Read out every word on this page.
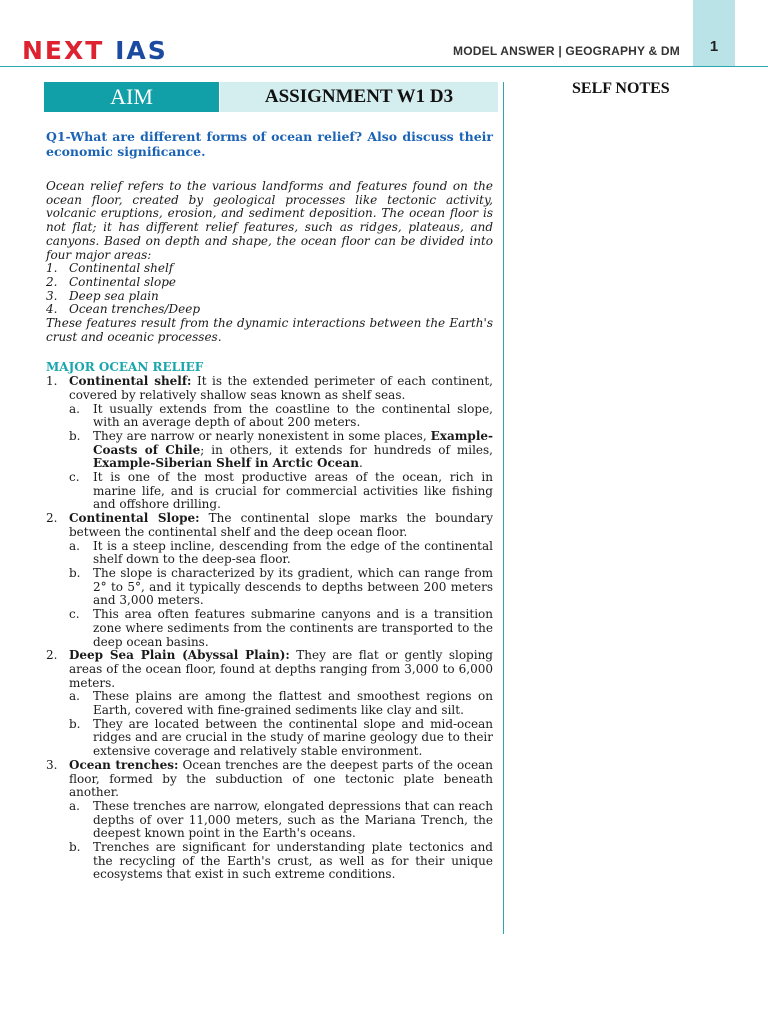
NEXT IAS	MODEL ANSWER | GEOGRAPHY & DM	1
AIM	ASSIGNMENT W1 D3	SELF NOTES

Q1-What are different forms of ocean relief? Also discuss their economic significance.

Ocean relief refers to the various landforms and features found on the ocean floor, created by geological processes like tectonic activity, volcanic eruptions, erosion, and sediment deposition. The ocean floor is not flat; it has different relief features, such as ridges, plateaus, and canyons. Based on depth and shape, the ocean floor can be divided into four major areas:

1. Continental shelf
2. Continental slope
3. Deep sea plain
4. Ocean trenches/Deep

These features result from the dynamic interactions between the Earth's crust and oceanic processes.

MAJOR OCEAN RELIEF

1. Continental shelf: It is the extended perimeter of each continent, covered by relatively shallow seas known as shelf seas.
a.	It usually extends from the coastline to the continental slope, with an average depth of about 200 meters.
b.	They are narrow or nearly nonexistent in some places, Example-Coasts of Chile; in others, it extends for hundreds of miles, Example-Siberian Shelf in Arctic Ocean.
c.	It is one of the most productive areas of the ocean, rich in marine life, and is crucial for commercial activities like fishing and offshore drilling.
2. Continental Slope: The continental slope marks the boundary between the continental shelf and the deep ocean floor.
a.	It is a steep incline, descending from the edge of the continental shelf down to the deep-sea floor.
b.	The slope is characterized by its gradient, which can range from 2° to 5°, and it typically descends to depths between 200 meters and 3,000 meters.
c.	This area often features submarine canyons and is a transition zone where sediments from the continents are transported to the deep ocean basins.
2. Deep Sea Plain (Abyssal Plain): They are flat or gently sloping areas of the ocean floor, found at depths ranging from 3,000 to 6,000 meters.
a.	These plains are among the flattest and smoothest regions on Earth, covered with fine-grained sediments like clay and silt.
b.	They are located between the continental slope and mid-ocean ridges and are crucial in the study of marine geology due to their extensive coverage and relatively stable environment.
3. Ocean trenches: Ocean trenches are the deepest parts of the ocean floor, formed by the subduction of one tectonic plate beneath another.
a.	These trenches are narrow, elongated depressions that can reach depths of over 11,000 meters, such as the Mariana Trench, the deepest known point in the Earth's oceans.
b.	Trenches are significant for understanding plate tectonics and the recycling of the Earth's crust, as well as for their unique ecosystems that exist in such extreme conditions.
